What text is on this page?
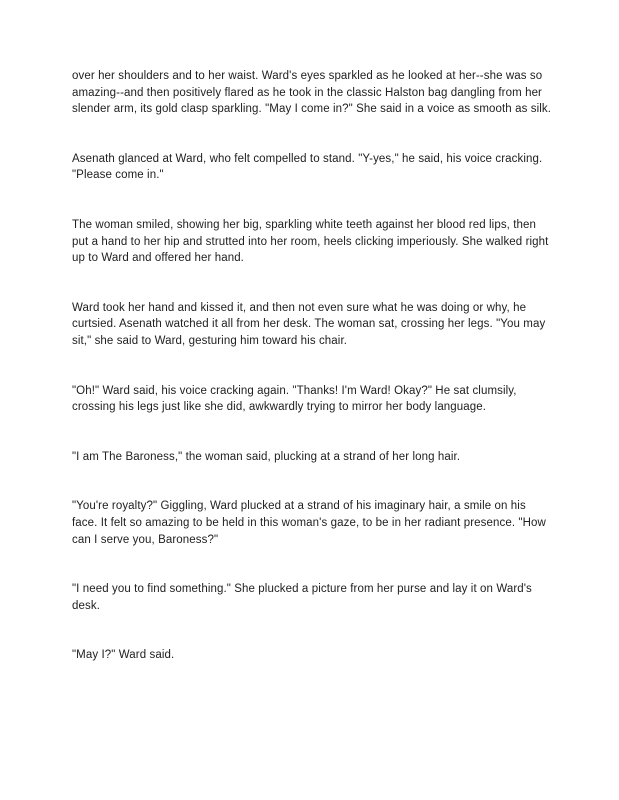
over her shoulders and to her waist. Ward's eyes sparkled as he looked at her--she was so amazing--and then positively flared as he took in the classic Halston bag dangling from her slender arm, its gold clasp sparkling. "May I come in?" She said in a voice as smooth as silk.

Asenath glanced at Ward, who felt compelled to stand. "Y-yes," he said, his voice cracking. "Please come in."

The woman smiled, showing her big, sparkling white teeth against her blood red lips, then put a hand to her hip and strutted into her room, heels clicking imperiously. She walked right up to Ward and offered her hand.

Ward took her hand and kissed it, and then not even sure what he was doing or why, he curtsied. Asenath watched it all from her desk. The woman sat, crossing her legs. "You may sit," she said to Ward, gesturing him toward his chair.

"Oh!" Ward said, his voice cracking again. "Thanks! I'm Ward! Okay?" He sat clumsily, crossing his legs just like she did, awkwardly trying to mirror her body language.

"I am The Baroness," the woman said, plucking at a strand of her long hair.

"You're royalty?" Giggling, Ward plucked at a strand of his imaginary hair, a smile on his face. It felt so amazing to be held in this woman's gaze, to be in her radiant presence. "How can I serve you, Baroness?"

"I need you to find something." She plucked a picture from her purse and lay it on Ward's desk.

"May I?" Ward said.
